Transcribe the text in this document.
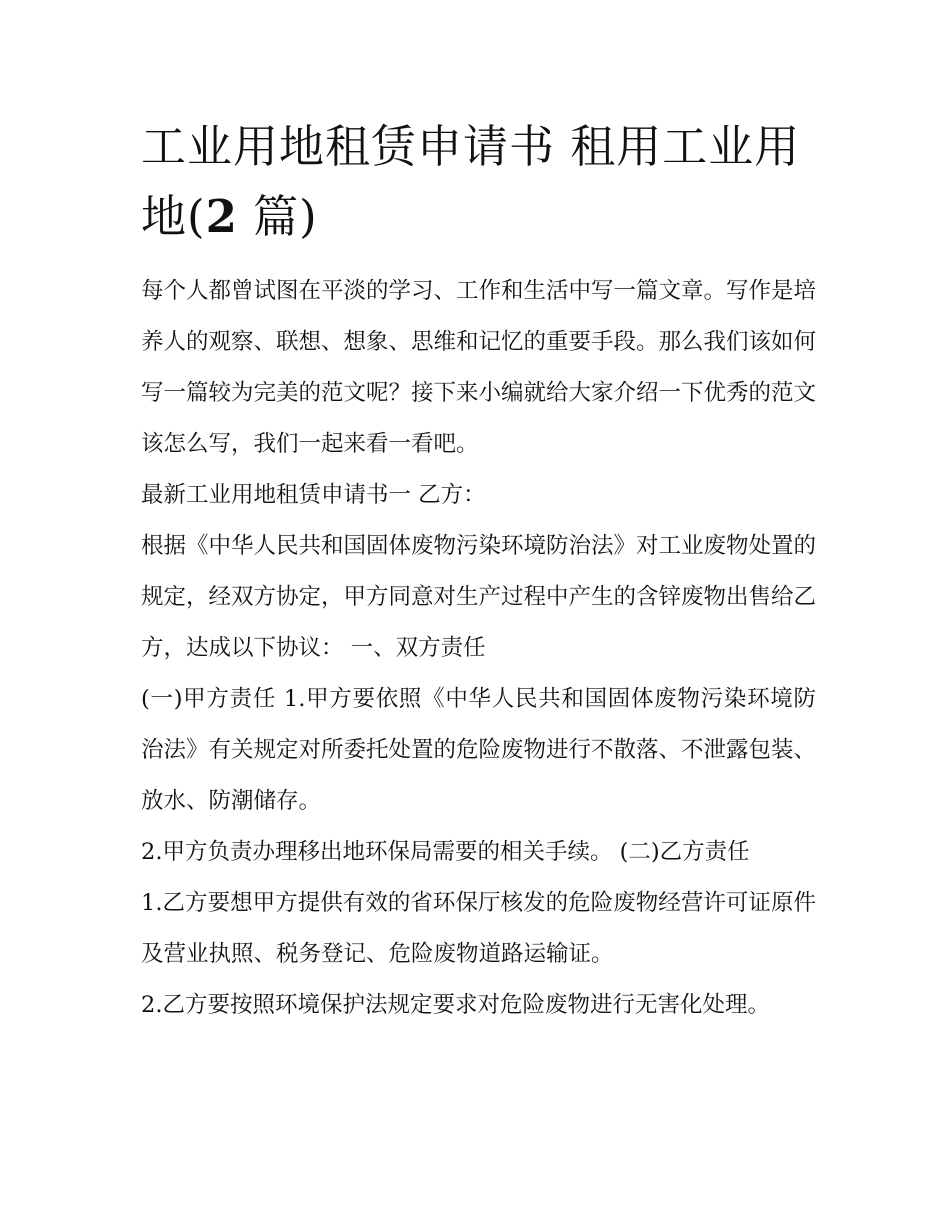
工业用地租赁申请书 租用工业用地(2 篇)

每个人都曾试图在平淡的学习、工作和生活中写一篇文章。写作是培养人的观察、联想、想象、思维和记忆的重要手段。那么我们该如何写一篇较为完美的范文呢？接下来小编就给大家介绍一下优秀的范文该怎么写，我们一起来看一看吧。

最新工业用地租赁申请书一 乙方：

根据《中华人民共和国固体废物污染环境防治法》对工业废物处置的规定，经双方协定，甲方同意对生产过程中产生的含锌废物出售给乙方，达成以下协议： 一、双方责任

(一)甲方责任 1.甲方要依照《中华人民共和国固体废物污染环境防治法》有关规定对所委托处置的危险废物进行不散落、不泄露包装、放水、防潮储存。

2.甲方负责办理移出地环保局需要的相关手续。 (二)乙方责任

1.乙方要想甲方提供有效的省环保厅核发的危险废物经营许可证原件及营业执照、税务登记、危险废物道路运输证。

2.乙方要按照环境保护法规定要求对危险废物进行无害化处理。
